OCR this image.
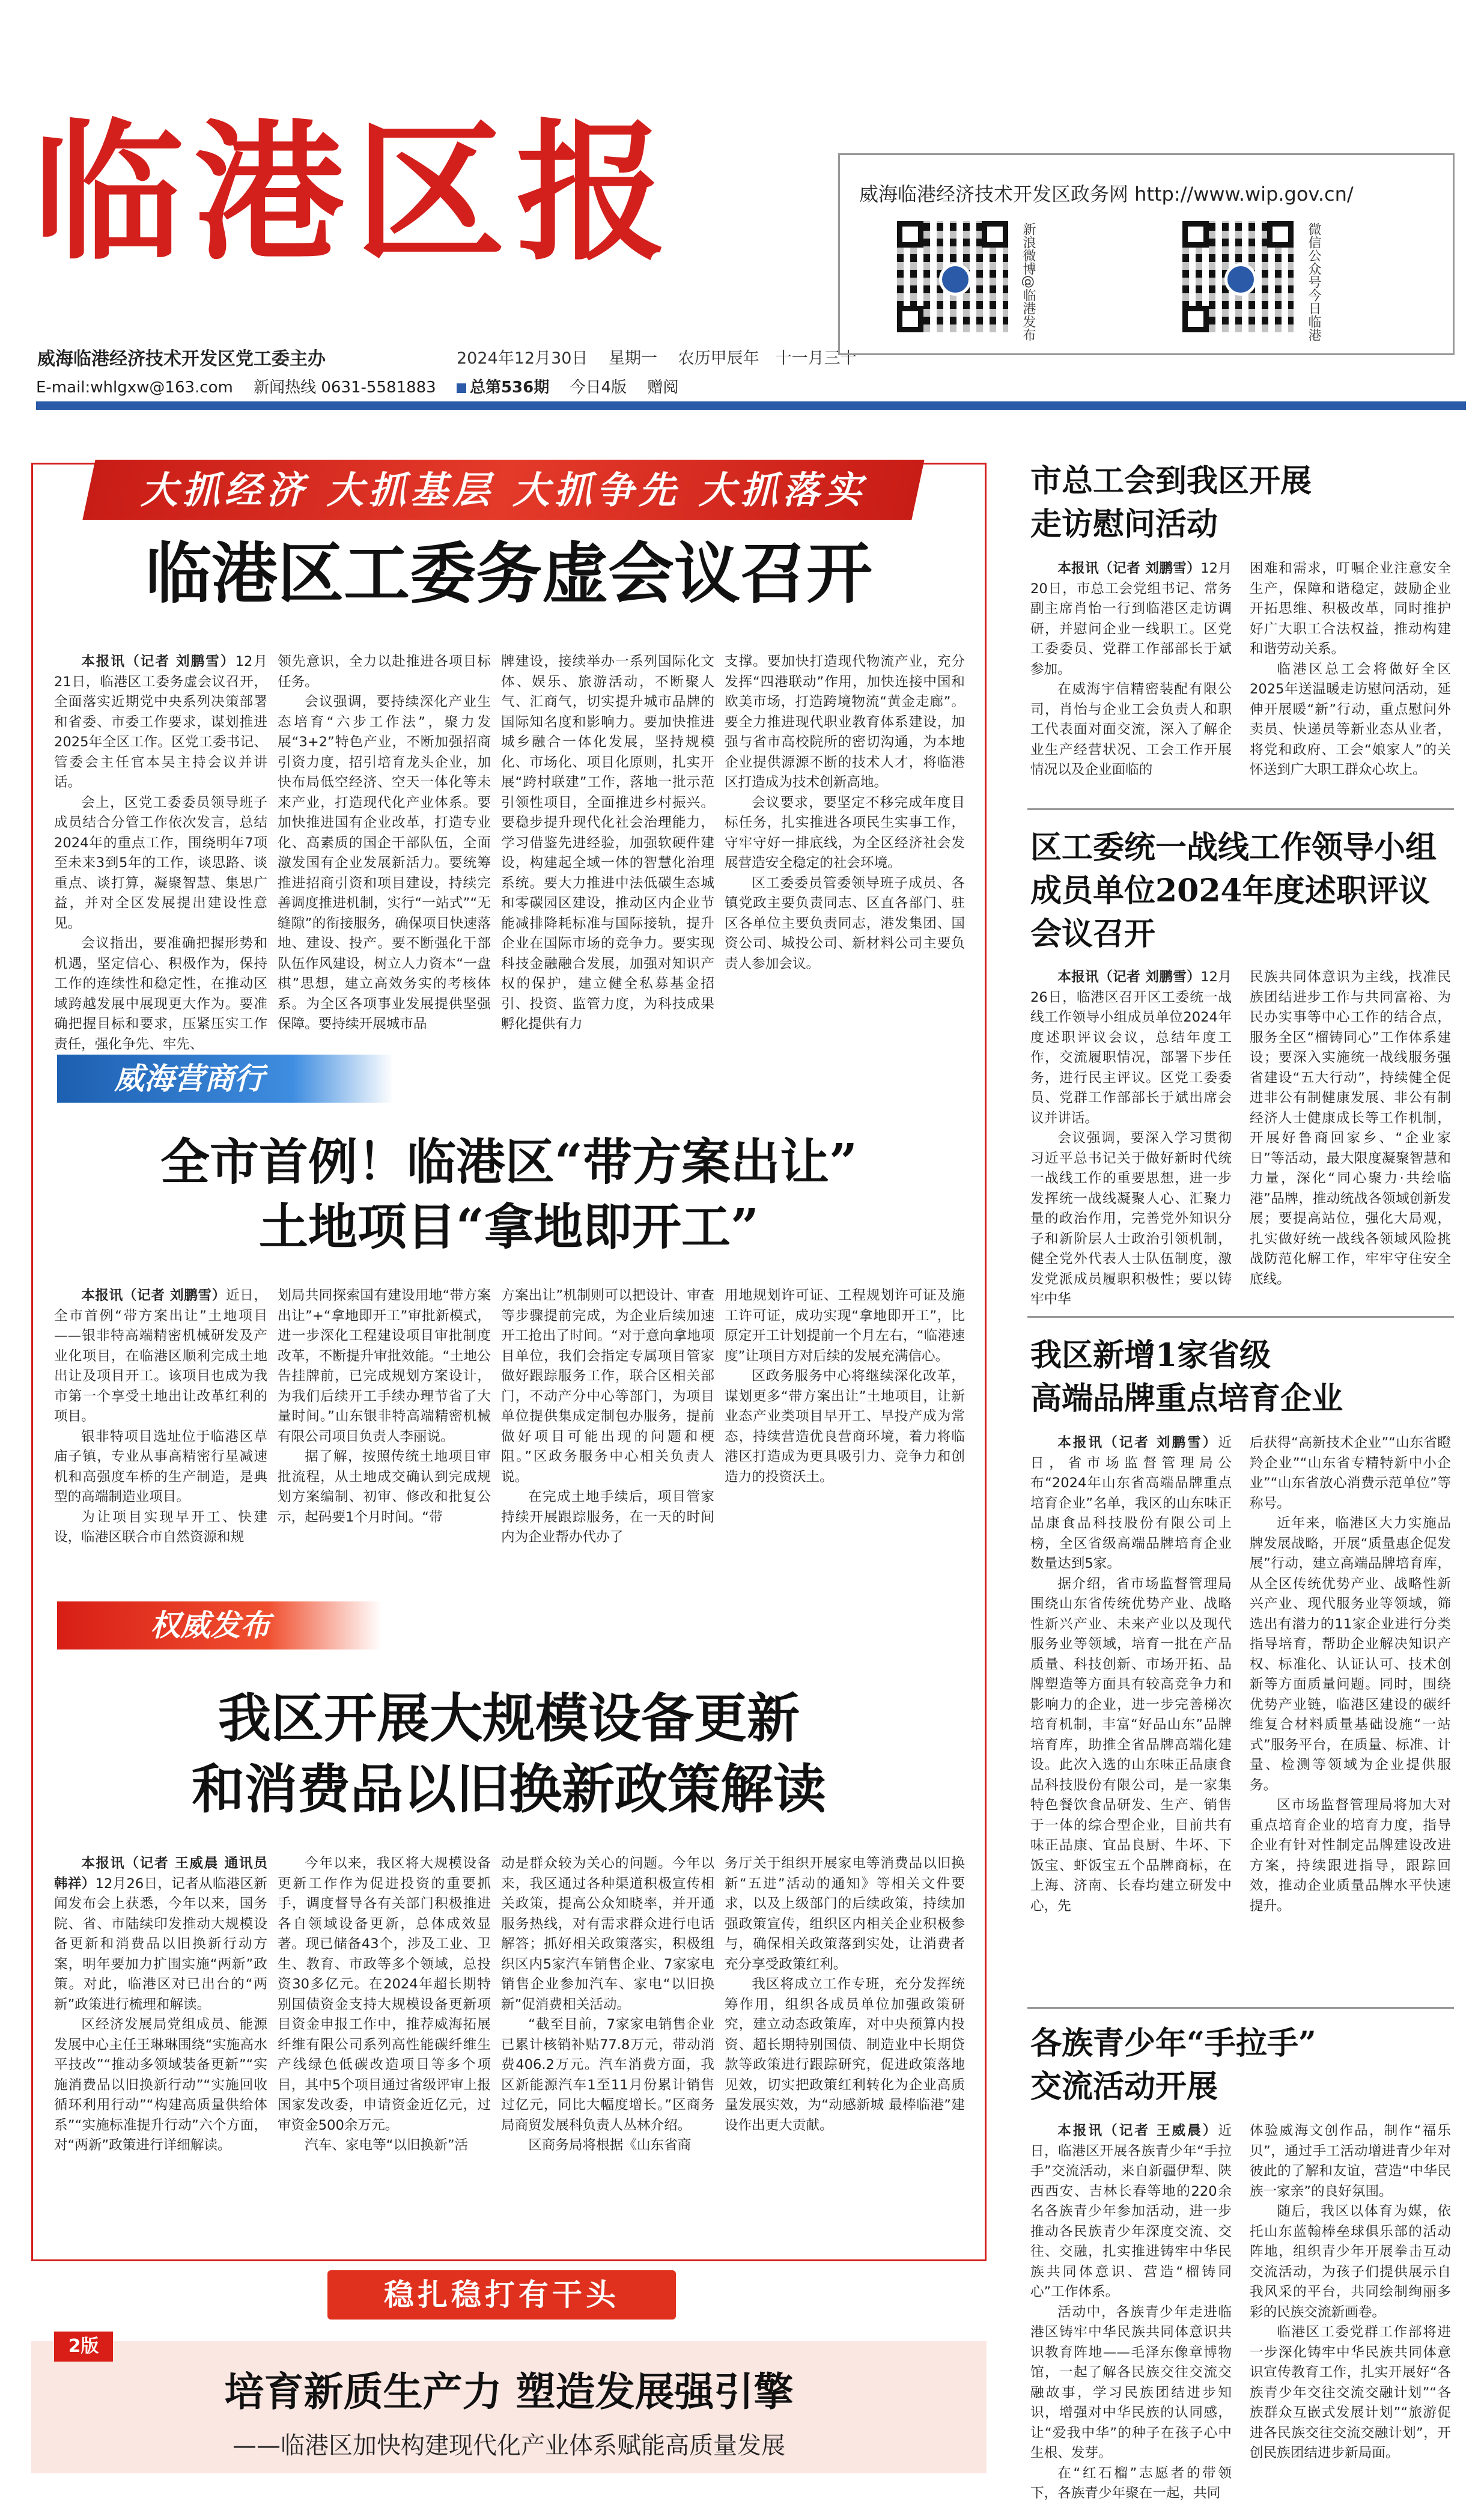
临港区报
威海临港经济技术开发区党工委主办	2024年12月30日 星期一 农历甲辰年　十一月三十
E-mail:whlgxw@163.com 新闻热线 0631-5581883 总第536期 今日4版 赠阅
威海临港经济技术开发区政务网 http://www.wip.gov.cn/
新浪微博@临港发布	微信公众号今日临港
大抓经济 大抓基层 大抓争先 大抓落实
临港区工委务虚会议召开

本报讯（记者 刘鹏雪）12月21日，临港区工委务虚会议召开，全面落实近期党中央系列决策部署和省委、市委工作要求，谋划推进2025年全区工作。区党工委书记、管委会主任官本吴主持会议并讲话。

会上，区党工委委员领导班子成员结合分管工作依次发言，总结2024年的重点工作，围绕明年7项至未来3到5年的工作，谈思路、谈重点、谈打算，凝聚智慧、集思广益，并对全区发展提出建设性意见。

会议指出，要准确把握形势和机遇，坚定信心、积极作为，保持工作的连续性和稳定性，在推动区域跨越发展中展现更大作为。要准确把握目标和要求，压紧压实工作责任，强化争先、牢先、

领先意识，全力以赴推进各项目标任务。

会议强调，要持续深化产业生态培育“六步工作法”，聚力发展“3+2”特色产业，不断加强招商引资力度，招引培育龙头企业，加快布局低空经济、空天一体化等未来产业，打造现代化产业体系。要加快推进国有企业改革，打造专业化、高素质的国企干部队伍，全面激发国有企业发展新活力。要统筹推进招商引资和项目建设，持续完善调度推进机制，实行“一站式”“无缝隙”的衔接服务，确保项目快速落地、建设、投产。要不断强化干部队伍作风建设，树立人力资本“一盘棋”思想，建立高效务实的考核体系。为全区各项事业发展提供坚强保障。要持续开展城市品

牌建设，接续举办一系列国际化文体、娱乐、旅游活动，不断聚人气、汇商气，切实提升城市品牌的国际知名度和影响力。要加快推进城乡融合一体化发展，坚持规模化、市场化、项目化原则，扎实开展“跨村联建”工作，落地一批示范引领性项目，全面推进乡村振兴。要稳步提升现代化社会治理能力，学习借鉴先进经验，加强软硬件建设，构建起全域一体的智慧化治理系统。要大力推进中法低碳生态城和零碳园区建设，推动区内企业节能减排降耗标准与国际接轨，提升企业在国际市场的竞争力。要实现科技金融融合发展，加强对知识产权的保护，建立健全私募基金招引、投资、监管力度，为科技成果孵化提供有力

支撑。要加快打造现代物流产业，充分发挥“四港联动”作用，加快连接中国和欧美市场，打造跨境物流“黄金走廊”。要全力推进现代职业教育体系建设，加强与省市高校院所的密切沟通，为本地企业提供源源不断的技术人才，将临港区打造成为技术创新高地。

会议要求，要坚定不移完成年度目标任务，扎实推进各项民生实事工作，守牢守好一排底线，为全区经济社会发展营造安全稳定的社会环境。

区工委委员管委领导班子成员、各镇党政主要负责同志、区直各部门、驻区各单位主要负责同志，港发集团、国资公司、城投公司、新材料公司主要负责人参加会议。

威海营商行
全市首例！临港区“带方案出让”
土地项目“拿地即开工”

本报讯（记者 刘鹏雪）近日，全市首例“带方案出让”土地项目——银非特高端精密机械研发及产业化项目，在临港区顺利完成土地出让及项目开工。该项目也成为我市第一个享受土地出让改革红利的项目。

银非特项目选址位于临港区草庙子镇，专业从事高精密行星减速机和高强度车桥的生产制造，是典型的高端制造业项目。

为让项目实现早开工、快建设，临港区联合市自然资源和规

划局共同探索国有建设用地“带方案出让”+“拿地即开工”审批新模式，进一步深化工程建设项目审批制度改革，不断提升审批效能。“土地公告挂牌前，已完成规划方案设计，为我们后续开工手续办理节省了大量时间。”山东银非特高端精密机械有限公司项目负责人李丽说。

据了解，按照传统土地项目审批流程，从土地成交确认到完成规划方案编制、初审、修改和批复公示，起码要1个月时间。“带

方案出让”机制则可以把设计、审查等步骤提前完成，为企业后续加速开工抢出了时间。“对于意向拿地项目单位，我们会指定专属项目管家做好跟踪服务工作，联合区相关部门，不动产分中心等部门，为项目单位提供集成定制包办服务，提前做好项目可能出现的问题和梗阻。”区政务服务中心相关负责人说。

在完成土地手续后，项目管家持续开展跟踪服务，在一天的时间内为企业帮办代办了

用地规划许可证、工程规划许可证及施工许可证，成功实现“拿地即开工”，比原定开工计划提前一个月左右，“临港速度”让项目方对后续的发展充满信心。

区政务服务中心将继续深化改革，谋划更多“带方案出让”土地项目，让新业态产业类项目早开工、早投产成为常态，持续营造优良营商环境，着力将临港区打造成为更具吸引力、竞争力和创造力的投资沃土。

权威发布
我区开展大规模设备更新
和消费品以旧换新政策解读

本报讯（记者 王威晨 通讯员 韩祥）12月26日，记者从临港区新闻发布会上获悉，今年以来，国务院、省、市陆续印发推动大规模设备更新和消费品以旧换新行动方案，明年要加力扩围实施“两新”政策。对此，临港区对已出台的“两新”政策进行梳理和解读。

区经济发展局党组成员、能源发展中心主任王琳琳围绕“实施高水平技改”“推动多领域装备更新”“实施消费品以旧换新行动”“实施回收循环利用行动”“构建高质量供给体系”“实施标准提升行动”六个方面，对“两新”政策进行详细解读。

今年以来，我区将大规模设备更新工作作为促进投资的重要抓手，调度督导各有关部门积极推进各自领域设备更新，总体成效显著。现已储备43个，涉及工业、卫生、教育、市政等多个领域，总投资30多亿元。在2024年超长期特别国债资金支持大规模设备更新项目资金申报工作中，推荐威海拓展纤维有限公司系列高性能碳纤维生产线绿色低碳改造项目等多个项目，其中5个项目通过省级评审上报国家发改委，申请资金近亿元，过审资金500余万元。

汽车、家电等“以旧换新”活

动是群众较为关心的问题。今年以来，我区通过各种渠道积极宣传相关政策，提高公众知晓率，并开通服务热线，对有需求群众进行电话解答；抓好相关政策落实，积极组织区内5家汽车销售企业、7家家电销售企业参加汽车、家电“以旧换新”促消费相关活动。

“截至目前，7家家电销售企业已累计核销补贴77.8万元，带动消费406.2万元。汽车消费方面，我区新能源汽车1至11月份累计销售过亿元，同比大幅度增长。”区商务局商贸发展科负责人丛林介绍。

区商务局将根据《山东省商

务厅关于组织开展家电等消费品以旧换新“五进”活动的通知》等相关文件要求，以及上级部门的后续政策，持续加强政策宣传，组织区内相关企业积极参与，确保相关政策落到实处，让消费者充分享受政策红利。

我区将成立工作专班，充分发挥统筹作用，组织各成员单位加强政策研究，建立动态政策库，对中央预算内投资、超长期特别国债、制造业中长期贷款等政策进行跟踪研究，促进政策落地见效，切实把政策红利转化为企业高质量发展实效，为“动感新城 最棒临港”建设作出更大贡献。

稳扎稳打有干头
2版
培育新质生产力 塑造发展强引擎
——临港区加快构建现代化产业体系赋能高质量发展
市总工会到我区开展
走访慰问活动

本报讯（记者 刘鹏雪）12月20日，市总工会党组书记、常务副主席肖怡一行到临港区走访调研，并慰问企业一线职工。区党工委委员、党群工作部部长于斌参加。

在威海宇信精密装配有限公司，肖怡与企业工会负责人和职工代表面对面交流，深入了解企业生产经营状况、工会工作开展情况以及企业面临的

困难和需求，叮嘱企业注意安全生产，保障和谐稳定，鼓励企业开拓思维、积极改革，同时推护好广大职工合法权益，推动构建和谐劳动关系。

临港区总工会将做好全区2025年送温暖走访慰问活动，延伸开展暖“新”行动，重点慰问外卖员、快递员等新业态从业者，将党和政府、工会“娘家人”的关怀送到广大职工群众心坎上。

区工委统一战线工作领导小组
成员单位2024年度述职评议
会议召开

本报讯（记者 刘鹏雪）12月26日，临港区召开区工委统一战线工作领导小组成员单位2024年度述职评议会议，总结年度工作，交流履职情况，部署下步任务，进行民主评议。区党工委委员、党群工作部部长于斌出席会议并讲话。

会议强调，要深入学习贯彻习近平总书记关于做好新时代统一战线工作的重要思想，进一步发挥统一战线凝聚人心、汇聚力量的政治作用，完善党外知识分子和新阶层人士政治引领机制，健全党外代表人士队伍制度，激发党派成员履职积极性；要以铸牢中华

民族共同体意识为主线，找准民族团结进步工作与共同富裕、为民办实事等中心工作的结合点，服务全区“榴铸同心”工作体系建设；要深入实施统一战线服务强省建设“五大行动”，持续健全促进非公有制健康发展、非公有制经济人士健康成长等工作机制，开展好鲁商回家乡、“企业家日”等活动，最大限度凝聚智慧和力量，深化“同心聚力·共绘临港”品牌，推动统战各领域创新发展；要提高站位，强化大局观，扎实做好统一战线各领域风险挑战防范化解工作，牢牢守住安全底线。

我区新增1家省级
高端品牌重点培育企业

本报讯（记者 刘鹏雪）近日，省市场监督管理局公布“2024年山东省高端品牌重点培育企业”名单，我区的山东味正品康食品科技股份有限公司上榜，全区省级高端品牌培育企业数量达到5家。

据介绍，省市场监督管理局围绕山东省传统优势产业、战略性新兴产业、未来产业以及现代服务业等领域，培育一批在产品质量、科技创新、市场开拓、品牌塑造等方面具有较高竞争力和影响力的企业，进一步完善梯次培育机制，丰富“好品山东”品牌培育库，助推全省品牌高端化建设。此次入选的山东味正品康食品科技股份有限公司，是一家集特色餐饮食品研发、生产、销售于一体的综合型企业，目前共有味正品康、宜品良厨、牛坏、下饭宝、虾饭宝五个品牌商标，在上海、济南、长春均建立研发中心，先

后获得“高新技术企业”“山东省瞪羚企业”“山东省专精特新中小企业”“山东省放心消费示范单位”等称号。

近年来，临港区大力实施品牌发展战略，开展“质量惠企促发展”行动，建立高端品牌培育库，从全区传统优势产业、战略性新兴产业、现代服务业等领域，筛选出有潜力的11家企业进行分类指导培育，帮助企业解决知识产权、标准化、认证认可、技术创新等方面质量问题。同时，围绕优势产业链，临港区建设的碳纤维复合材料质量基础设施“一站式”服务平台，在质量、标准、计量、检测等领域为企业提供服务。

区市场监督管理局将加大对重点培育企业的培育力度，指导企业有针对性制定品牌建设改进方案，持续跟进指导，跟踪回效，推动企业质量品牌水平快速提升。

各族青少年“手拉手”
交流活动开展

本报讯（记者 王威晨）近日，临港区开展各族青少年“手拉手”交流活动，来自新疆伊犁、陕西西安、吉林长春等地的220余名各族青少年参加活动，进一步推动各民族青少年深度交流、交往、交融，扎实推进铸牢中华民族共同体意识、营造“榴铸同心”工作体系。

活动中，各族青少年走进临港区铸牢中华民族共同体意识共识教育阵地——毛泽东像章博物馆，一起了解各民族交往交流交融故事，学习民族团结进步知识，增强对中华民族的认同感，让“爱我中华”的种子在孩子心中生根、发芽。

在“红石榴”志愿者的带领下，各族青少年聚在一起，共同

体验威海文创作品，制作“福乐贝”，通过手工活动增进青少年对彼此的了解和友谊，营造“中华民族一家亲”的良好氛围。

随后，我区以体育为媒，依托山东蓝翰棒垒球俱乐部的活动阵地，组织青少年开展拳击互动交流活动，为孩子们提供展示自我风采的平台，共同绘制绚丽多彩的民族交流新画卷。

临港区工委党群工作部将进一步深化铸牢中华民族共同体意识宣传教育工作，扎实开展好“各族青少年交往交流交融计划”“各族群众互嵌式发展计划”“旅游促进各民族交往交流交融计划”，开创民族团结进步新局面。
